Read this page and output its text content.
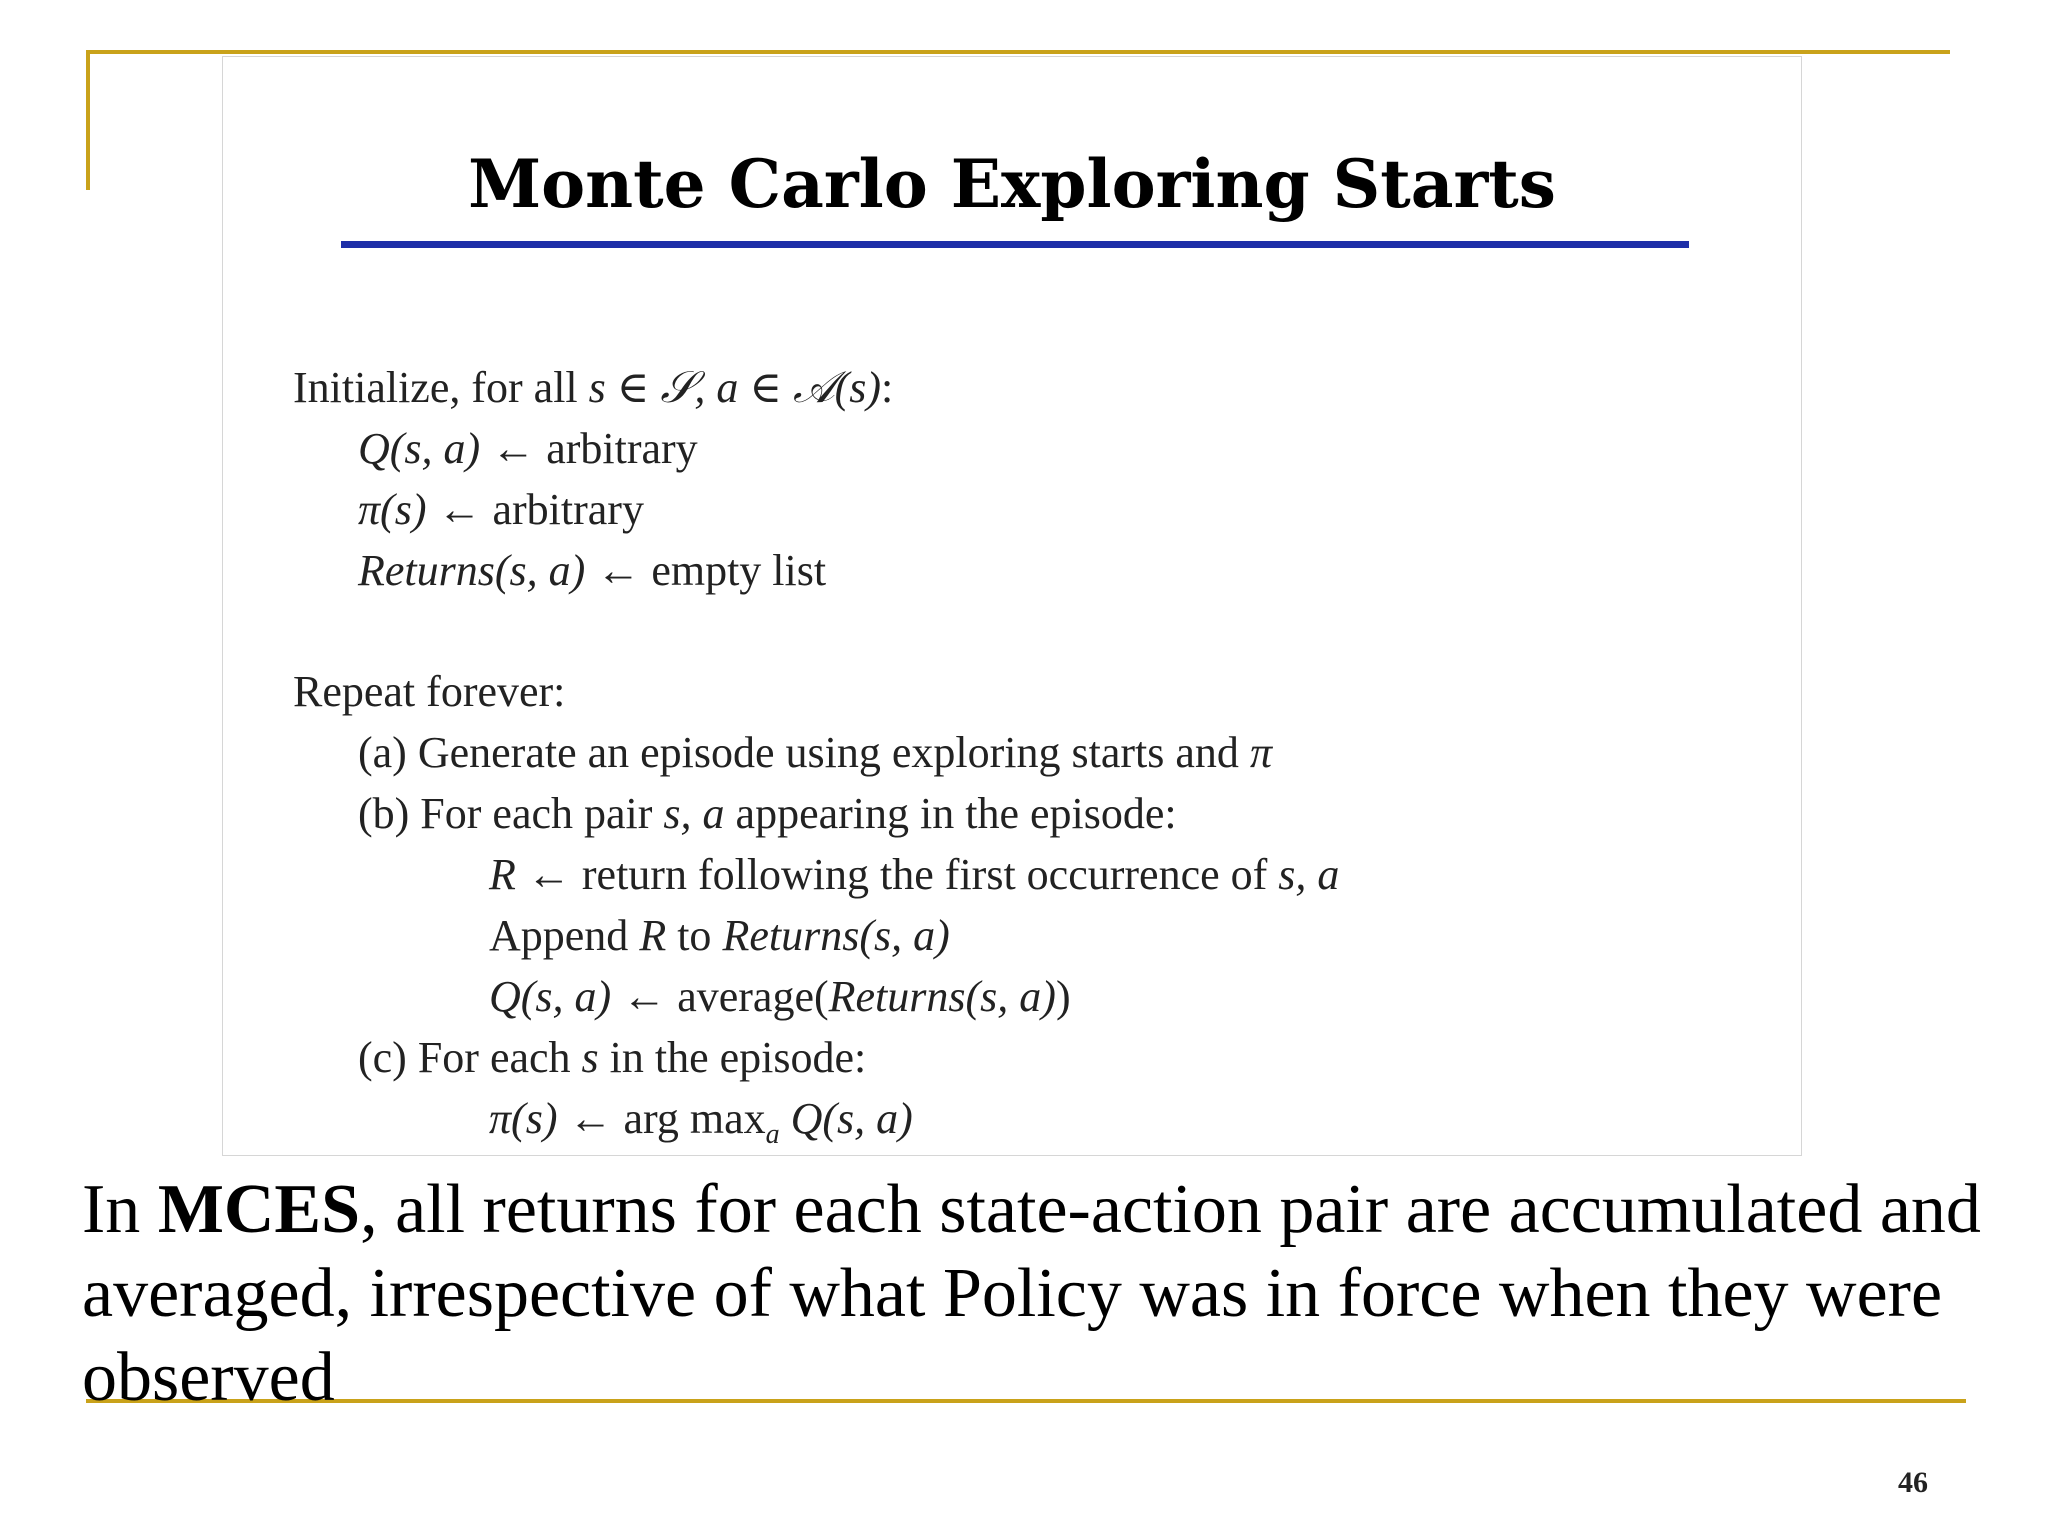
Monte Carlo Exploring Starts
Initialize, for all s ∈ 𝒮, a ∈ 𝒜(s):
Q(s, a) ← arbitrary
π(s) ← arbitrary
Returns(s, a) ← empty list
Repeat forever:
(a) Generate an episode using exploring starts and π
(b) For each pair s, a appearing in the episode:
R ← return following the first occurrence of s, a
Append R to Returns(s, a)
Q(s, a) ← average(Returns(s, a))
(c) For each s in the episode:
π(s) ← arg $\max_a Q(s$, a)
In MCES, all returns for each state-action pair are accumulated and averaged, irrespective of what Policy was in force when they were observed
46
